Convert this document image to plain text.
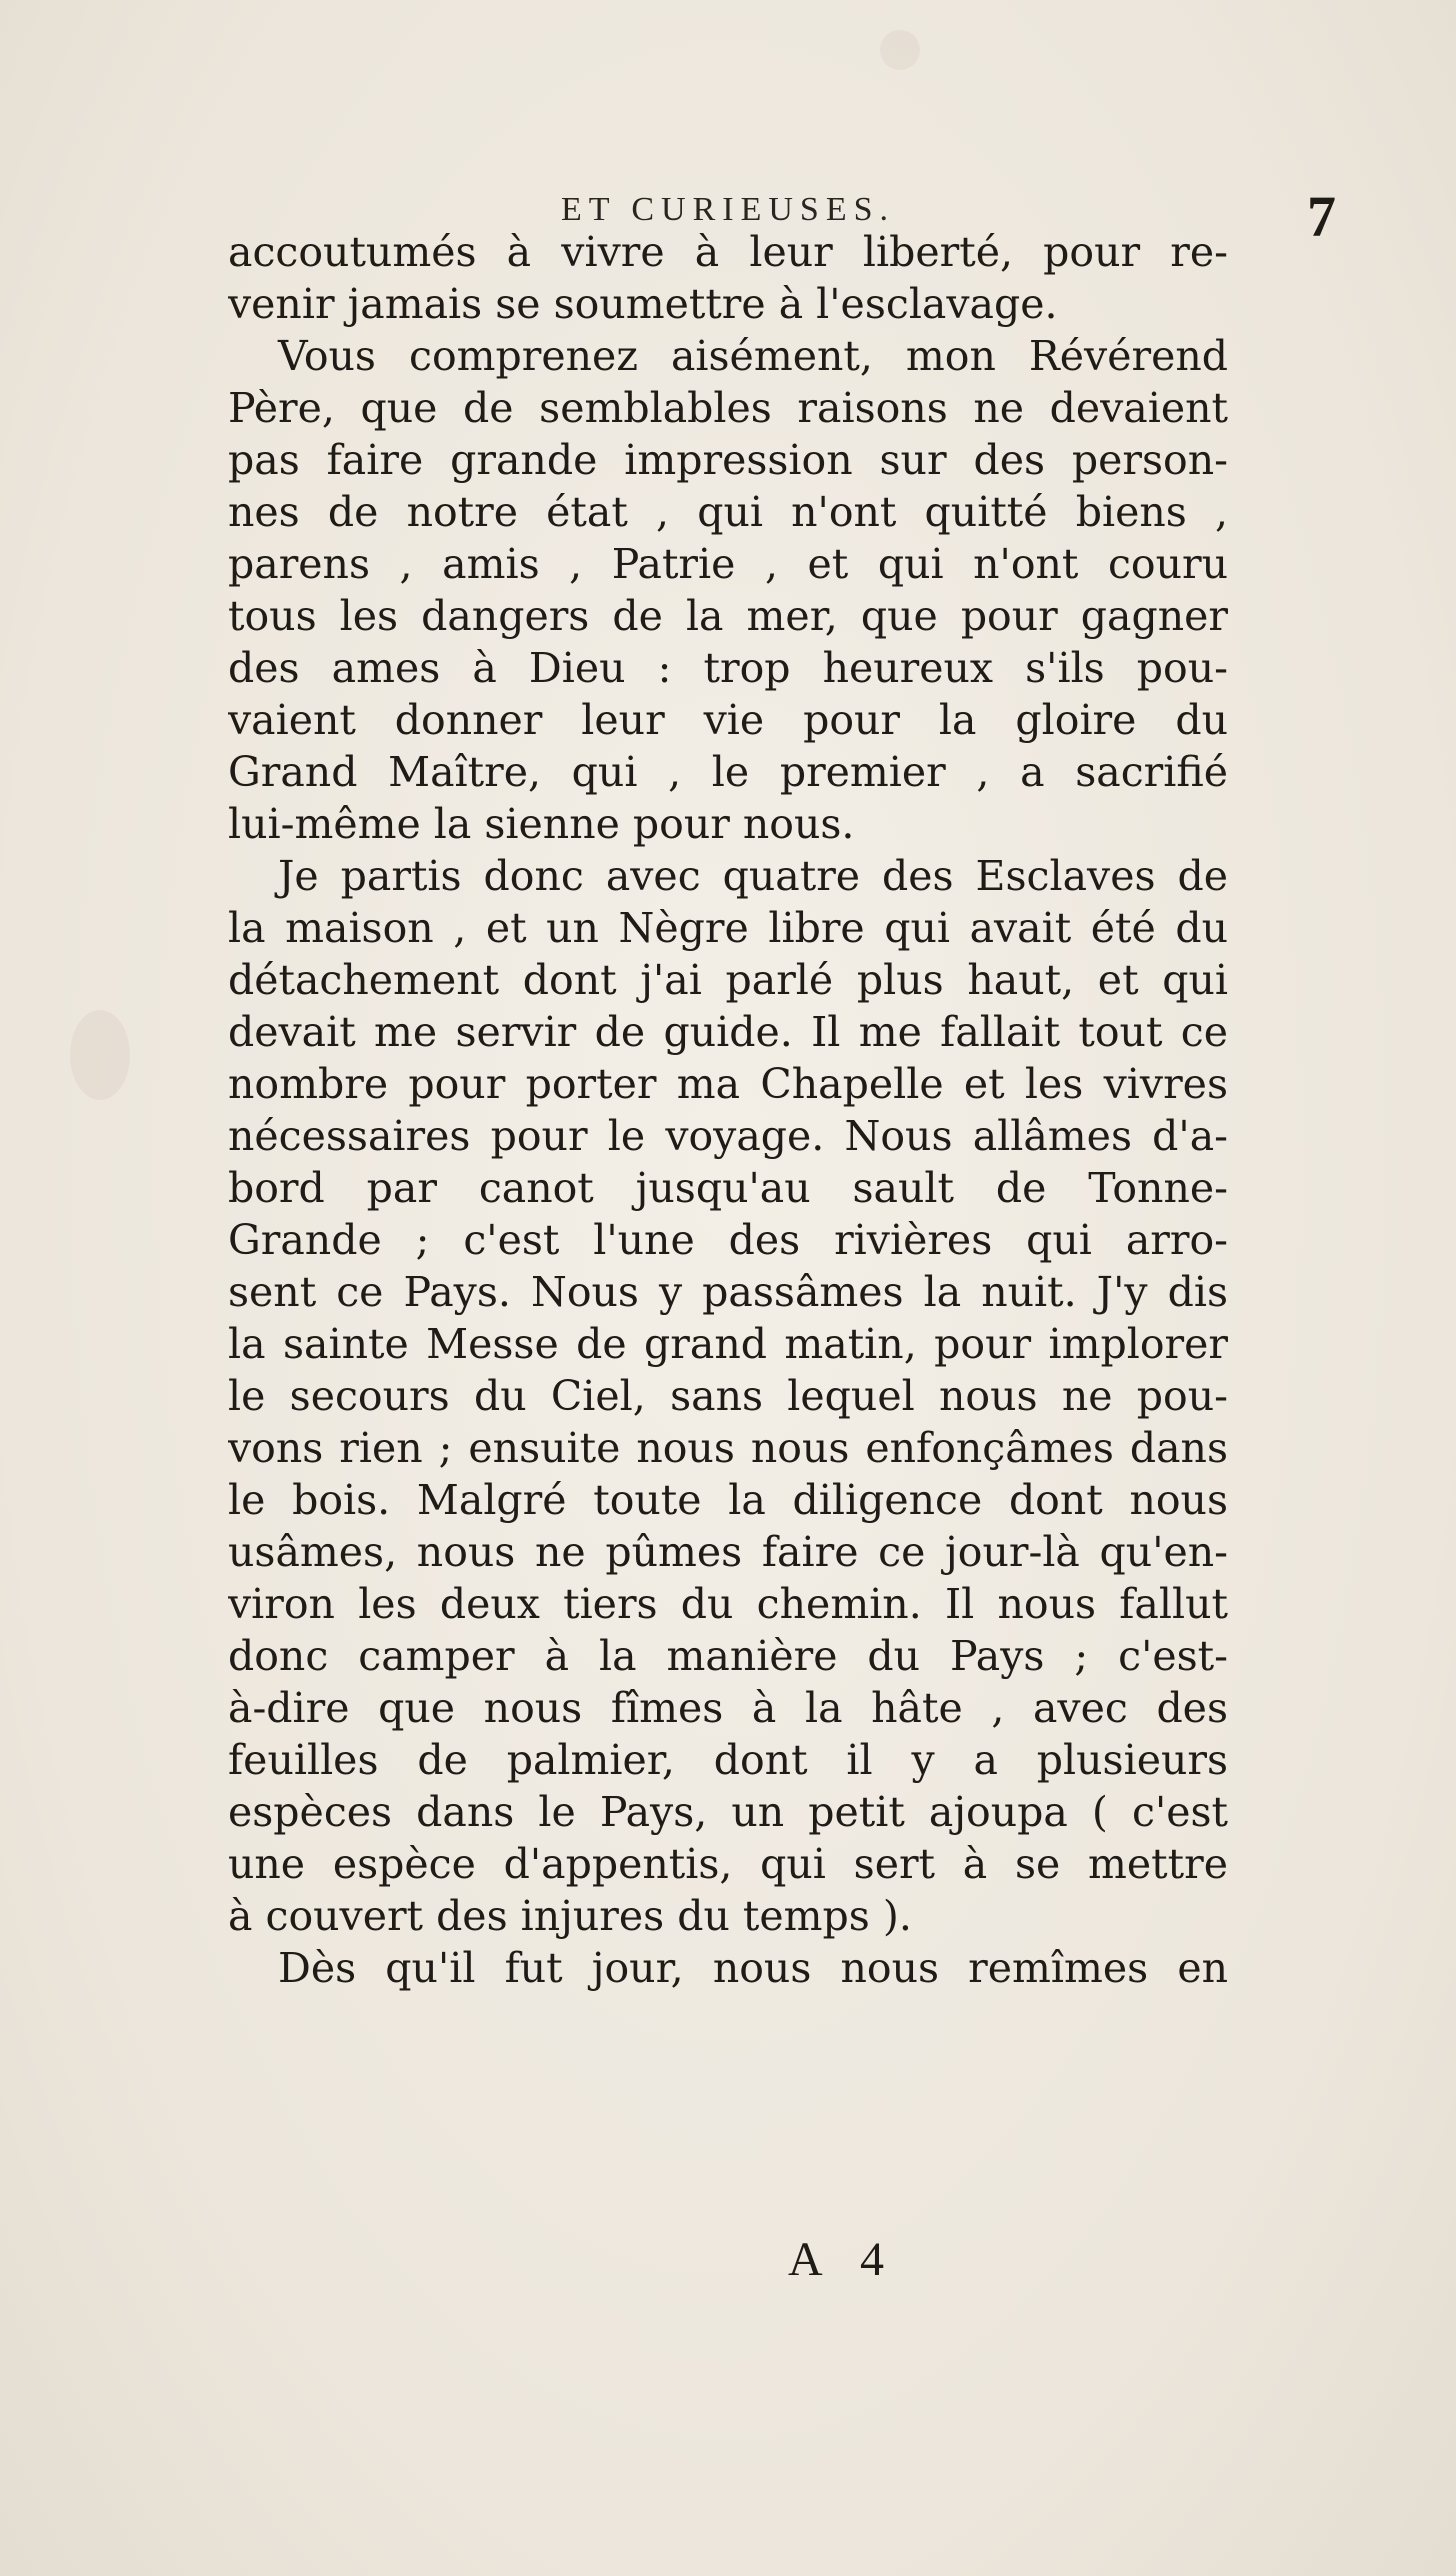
ET CURIEUSES.	7
accoutumés à vivre à leur liberté, pour re-
venir jamais se soumettre à l'esclavage.
Vous comprenez aisément, mon Révérend
Père, que de semblables raisons ne devaient
pas faire grande impression sur des person-
nes de notre état , qui n'ont quitté biens ,
parens , amis , Patrie , et qui n'ont couru
tous les dangers de la mer, que pour gagner
des ames à Dieu : trop heureux s'ils pou-
vaient donner leur vie pour la gloire du
Grand Maître, qui , le premier , a sacrifié
lui-même la sienne pour nous.
Je partis donc avec quatre des Esclaves de
la maison , et un Nègre libre qui avait été du
détachement dont j'ai parlé plus haut, et qui
devait me servir de guide. Il me fallait tout ce
nombre pour porter ma Chapelle et les vivres
nécessaires pour le voyage. Nous allâmes d'a-
bord par canot jusqu'au sault de Tonne-
Grande ; c'est l'une des rivières qui arro-
sent ce Pays. Nous y passâmes la nuit. J'y dis
la sainte Messe de grand matin, pour implorer
le secours du Ciel, sans lequel nous ne pou-
vons rien ; ensuite nous nous enfonçâmes dans
le bois. Malgré toute la diligence dont nous
usâmes, nous ne pûmes faire ce jour-là qu'en-
viron les deux tiers du chemin. Il nous fallut
donc camper à la manière du Pays ; c'est-
à-dire que nous fîmes à la hâte , avec des
feuilles de palmier, dont il y a plusieurs
espèces dans le Pays, un petit ajoupa ( c'est
une espèce d'appentis, qui sert à se mettre
à couvert des injures du temps ).
Dès qu'il fut jour, nous nous remîmes en
A 4
